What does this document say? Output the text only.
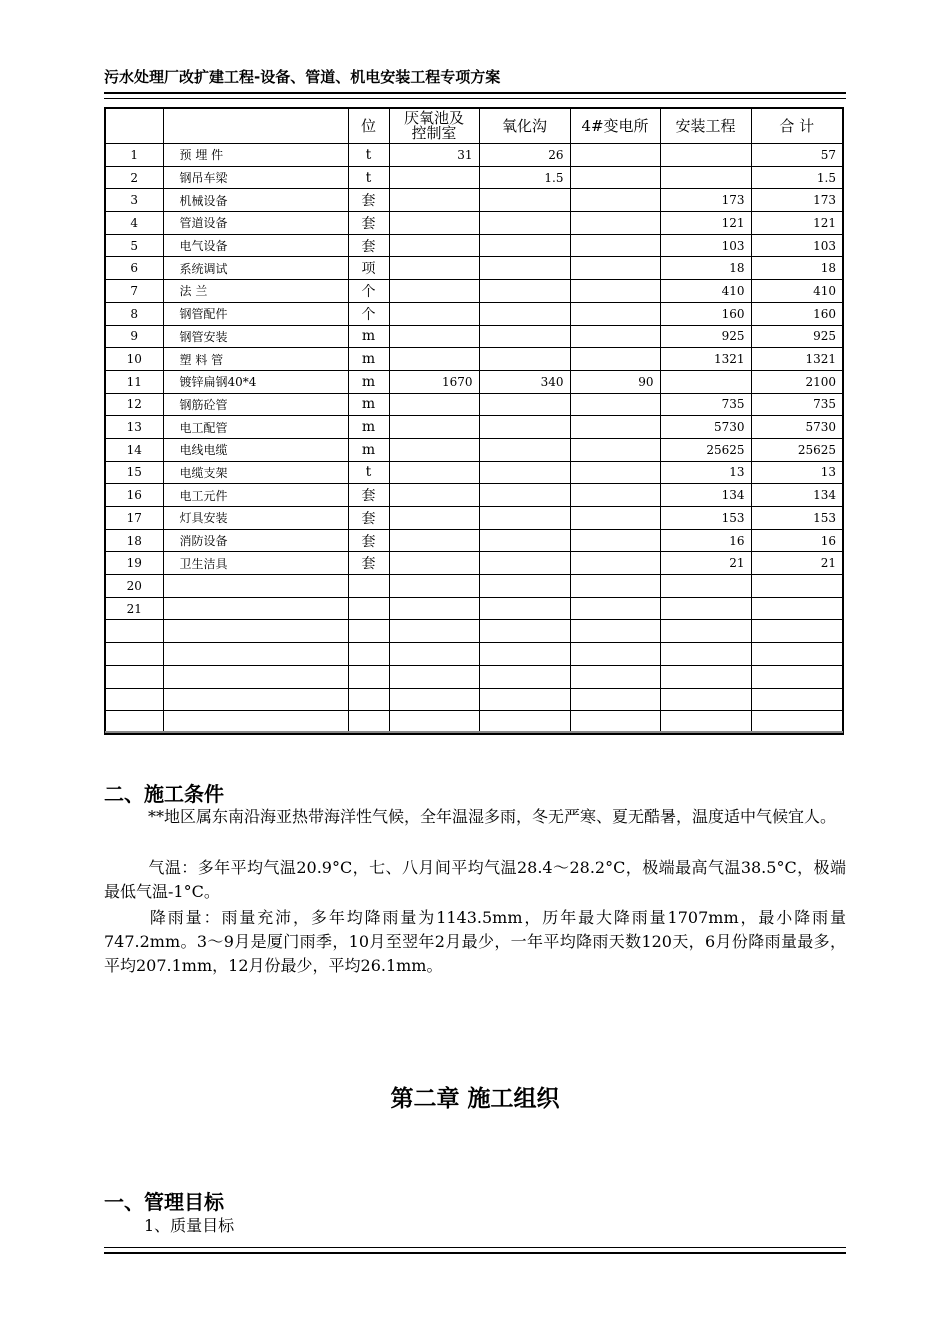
污水处理厂改扩建工程-设备、管道、机电安装工程专项方案
		位	厌氧池及控制室	氧化沟	4#变电所	安装工程	合 计
1	预 埋 件	t	31	26			57
2	钢吊车梁	t		1.5			1.5
3	机械设备	套				173	173
4	管道设备	套				121	121
5	电气设备	套				103	103
6	系统调试	项				18	18
7	法 兰	个				410	410
8	钢管配件	个				160	160
9	钢管安装	m				925	925
10	塑 料 管	m				1321	1321
11	镀锌扁钢40*4	m	1670	340	90		2100
12	钢筋砼管	m				735	735
13	电工配管	m				5730	5730
14	电线电缆	m				25625	25625
15	电缆支架	t				13	13
16	电工元件	套				134	134
17	灯具安装	套				153	153
18	消防设备	套				16	16
19	卫生洁具	套				21	21
20							
21							

二、施工条件
**地区属东南沿海亚热带海洋性气候，全年温湿多雨，冬无严寒、夏无酷暑，温度适中气候宜人。
气温：多年平均气温20.9°C，七、八月间平均气温28.4～28.2°C，极端最高气温38.5°C，极端最低气温-1°C。
降雨量：雨量充沛，多年均降雨量为1143.5mm，历年最大降雨量1707mm，最小降雨量747.2mm。3～9月是厦门雨季，10月至翌年2月最少，一年平均降雨天数120天，6月份降雨量最多，平均207.1mm，12月份最少，平均26.1mm。
第二章 施工组织
一、管理目标
1、质量目标
